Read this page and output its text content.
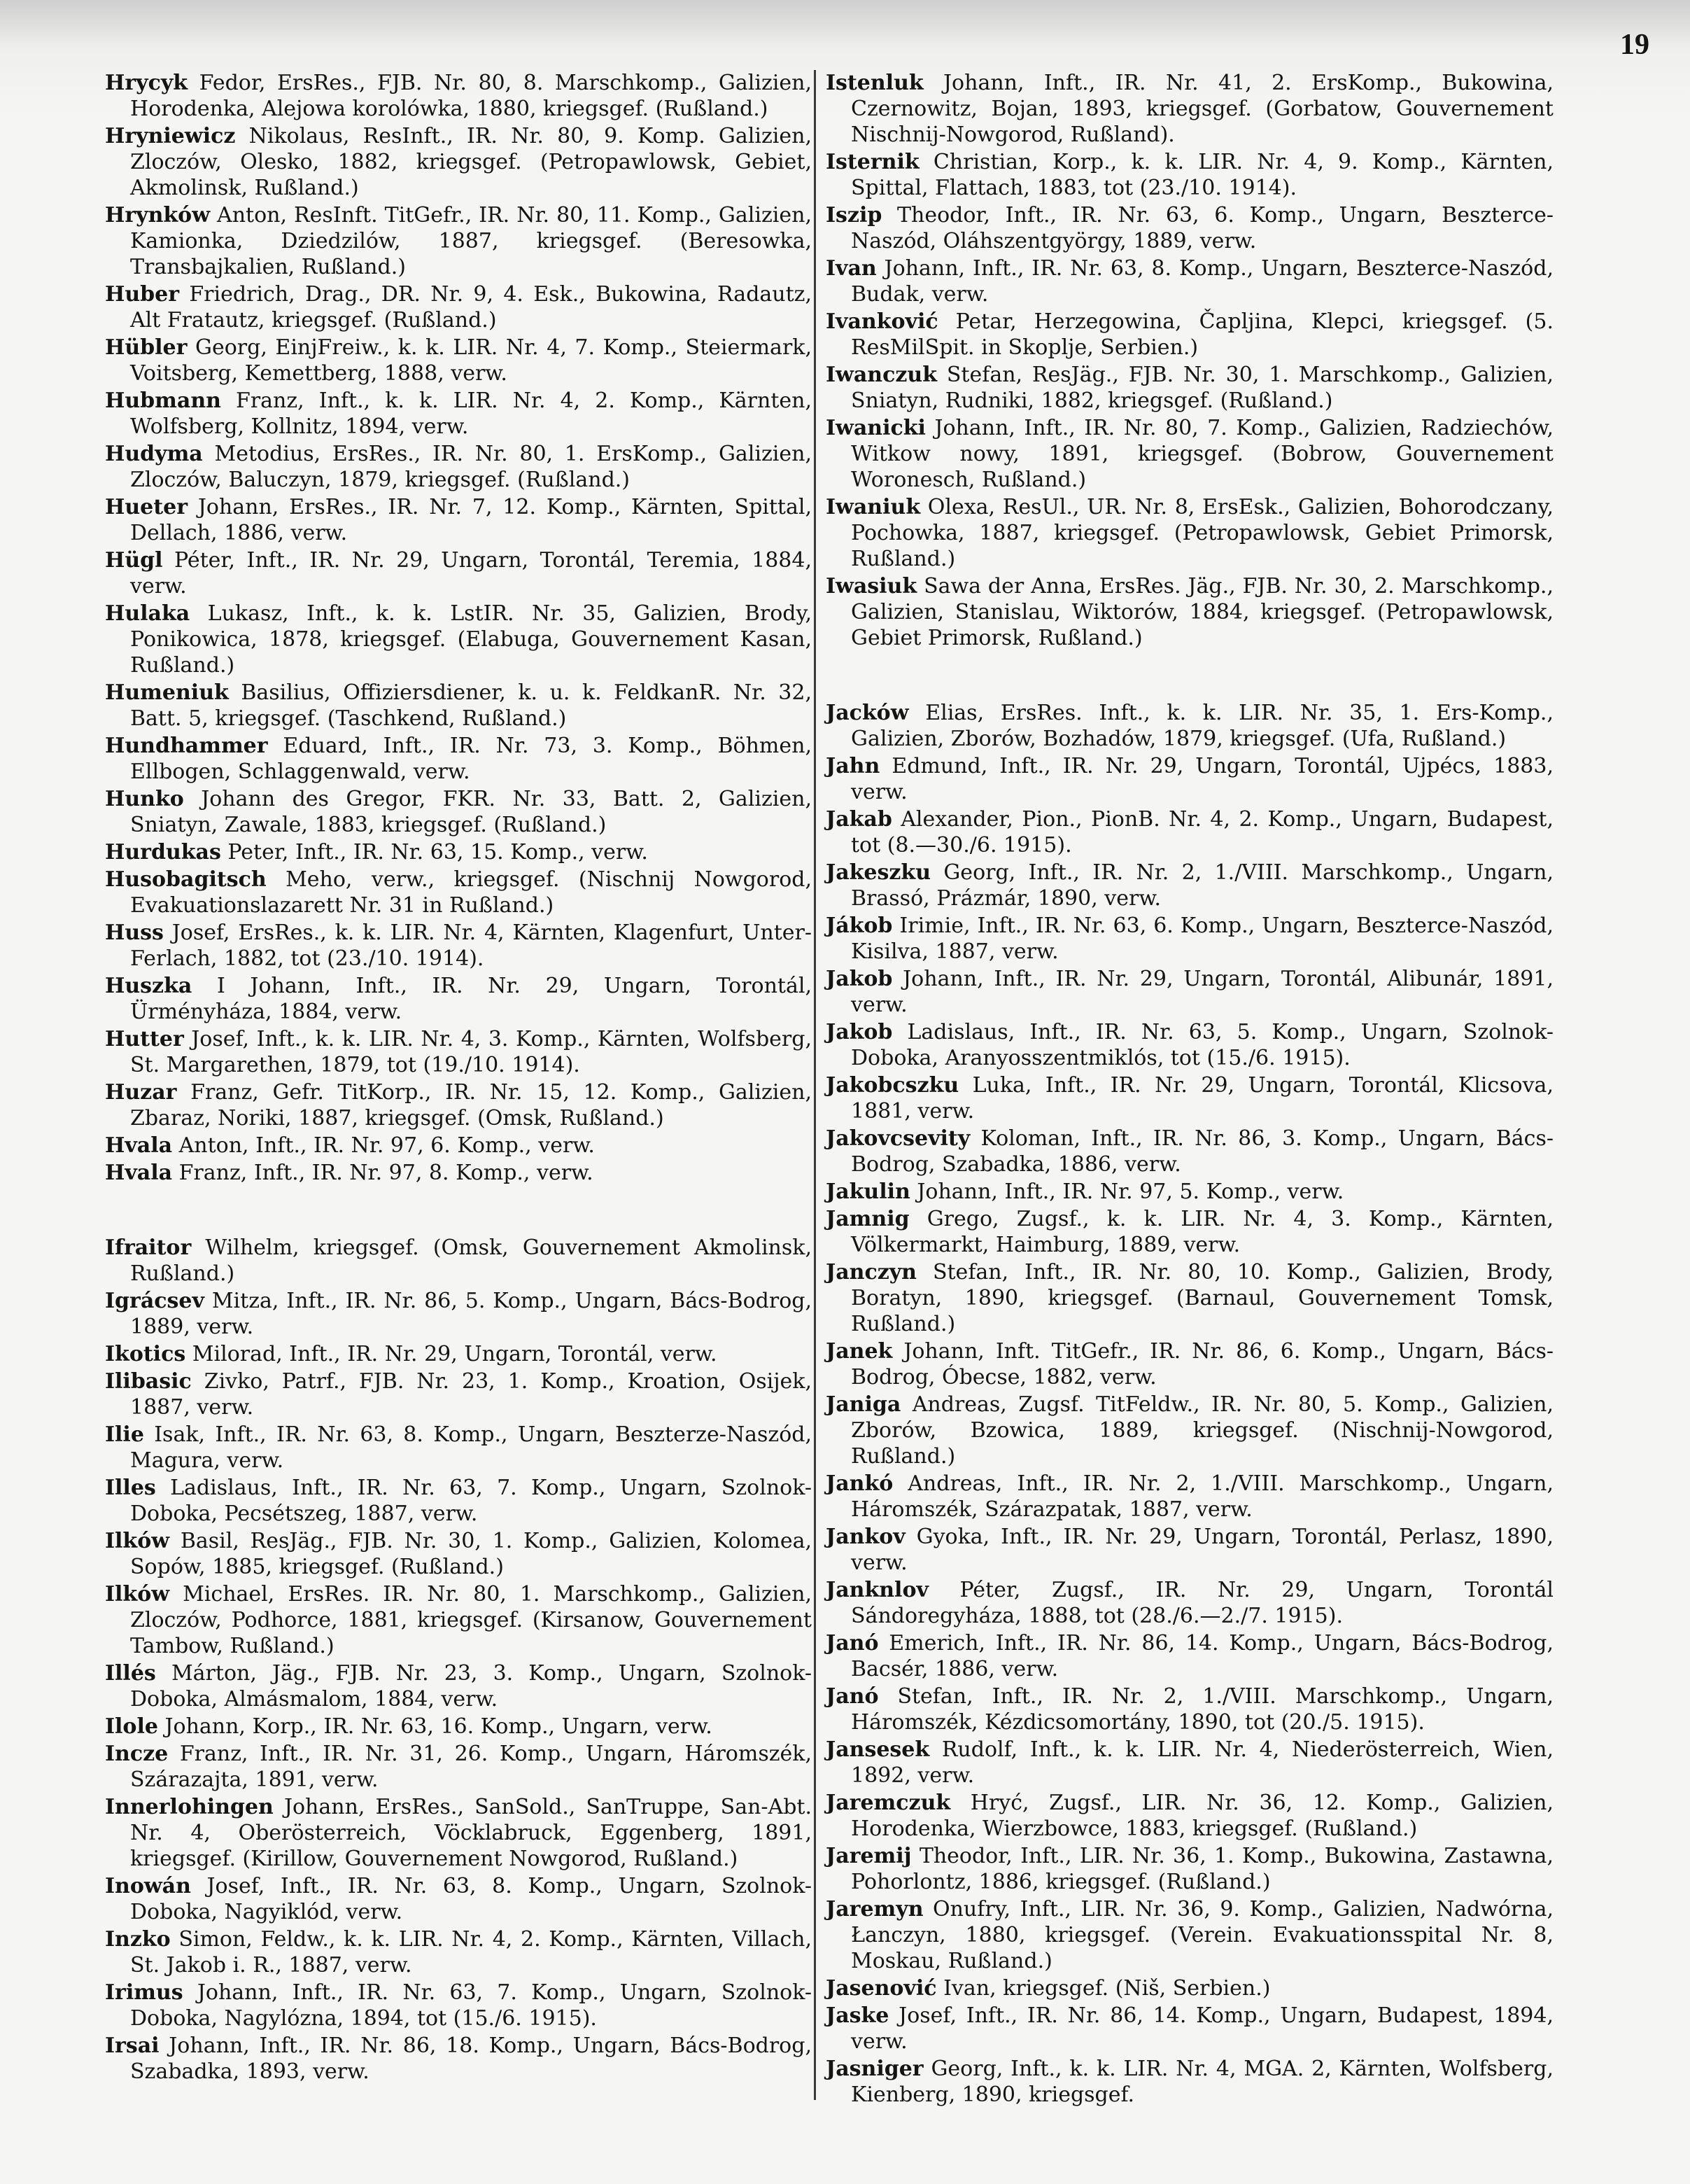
19
Hrycyk Fedor, ErsRes., FJB. Nr. 80, 8. Marschkomp., Galizien, Horodenka, Alejowa korolówka, 1880, kriegsgef. (Rußland.)
Hryniewicz Nikolaus, ResInft., IR. Nr. 80, 9. Komp. Galizien, Zloczów, Olesko, 1882, kriegsgef. (Petropawlowsk, Gebiet, Akmolinsk, Rußland.)
Hrynków Anton, ResInft. TitGefr., IR. Nr. 80, 11. Komp., Galizien, Kamionka, Dziedzilów, 1887, kriegsgef. (Beresowka, Transbajkalien, Rußland.)
Huber Friedrich, Drag., DR. Nr. 9, 4. Esk., Bukowina, Radautz, Alt Fratautz, kriegsgef. (Rußland.)
Hübler Georg, EinjFreiw., k. k. LIR. Nr. 4, 7. Komp., Steiermark, Voitsberg, Kemettberg, 1888, verw.
Hubmann Franz, Inft., k. k. LIR. Nr. 4, 2. Komp., Kärnten, Wolfsberg, Kollnitz, 1894, verw.
Hudyma Metodius, ErsRes., IR. Nr. 80, 1. ErsKomp., Galizien, Zloczów, Baluczyn, 1879, kriegsgef. (Rußland.)
Hueter Johann, ErsRes., IR. Nr. 7, 12. Komp., Kärnten, Spittal, Dellach, 1886, verw.
Hügl Péter, Inft., IR. Nr. 29, Ungarn, Torontál, Teremia, 1884, verw.
Hulaka Lukasz, Inft., k. k. LstIR. Nr. 35, Galizien, Brody, Ponikowica, 1878, kriegsgef. (Elabuga, Gouvernement Kasan, Rußland.)
Humeniuk Basilius, Offiziersdiener, k. u. k. FeldkanR. Nr. 32, Batt. 5, kriegsgef. (Taschkend, Rußland.)
Hundhammer Eduard, Inft., IR. Nr. 73, 3. Komp., Böhmen, Ellbogen, Schlaggenwald, verw.
Hunko Johann des Gregor, FKR. Nr. 33, Batt. 2, Galizien, Sniatyn, Zawale, 1883, kriegsgef. (Rußland.)
Hurdukas Peter, Inft., IR. Nr. 63, 15. Komp., verw.
Husobagitsch Meho, verw., kriegsgef. (Nischnij Nowgorod, Evakuationslazarett Nr. 31 in Rußland.)
Huss Josef, ErsRes., k. k. LIR. Nr. 4, Kärnten, Klagenfurt, Unter-Ferlach, 1882, tot (23./10. 1914).
Huszka I Johann, Inft., IR. Nr. 29, Ungarn, Torontál, Ürményháza, 1884, verw.
Hutter Josef, Inft., k. k. LIR. Nr. 4, 3. Komp., Kärnten, Wolfsberg, St. Margarethen, 1879, tot (19./10. 1914).
Huzar Franz, Gefr. TitKorp., IR. Nr. 15, 12. Komp., Galizien, Zbaraz, Noriki, 1887, kriegsgef. (Omsk, Rußland.)
Hvala Anton, Inft., IR. Nr. 97, 6. Komp., verw.
Hvala Franz, Inft., IR. Nr. 97, 8. Komp., verw.
Ifraitor Wilhelm, kriegsgef. (Omsk, Gouvernement Akmolinsk, Rußland.)
Igrácsev Mitza, Inft., IR. Nr. 86, 5. Komp., Ungarn, Bács-Bodrog, 1889, verw.
Ikotics Milorad, Inft., IR. Nr. 29, Ungarn, Torontál, verw.
Ilibasic Zivko, Patrf., FJB. Nr. 23, 1. Komp., Kroation, Osijek, 1887, verw.
Ilie Isak, Inft., IR. Nr. 63, 8. Komp., Ungarn, Beszterze-Naszód, Magura, verw.
Illes Ladislaus, Inft., IR. Nr. 63, 7. Komp., Ungarn, Szolnok-Doboka, Pecsétszeg, 1887, verw.
Ilków Basil, ResJäg., FJB. Nr. 30, 1. Komp., Galizien, Kolomea, Sopów, 1885, kriegsgef. (Rußland.)
Ilków Michael, ErsRes. IR. Nr. 80, 1. Marschkomp., Galizien, Zloczów, Podhorce, 1881, kriegsgef. (Kirsanow, Gouvernement Tambow, Rußland.)
Illés Márton, Jäg., FJB. Nr. 23, 3. Komp., Ungarn, Szolnok-Doboka, Almásmalom, 1884, verw.
Ilole Johann, Korp., IR. Nr. 63, 16. Komp., Ungarn, verw.
Incze Franz, Inft., IR. Nr. 31, 26. Komp., Ungarn, Háromszék, Szárazajta, 1891, verw.
Innerlohingen Johann, ErsRes., SanSold., SanTruppe, San-Abt. Nr. 4, Oberösterreich, Vöcklabruck, Eggenberg, 1891, kriegsgef. (Kirillow, Gouvernement Nowgorod, Rußland.)
Inowán Josef, Inft., IR. Nr. 63, 8. Komp., Ungarn, Szolnok-Doboka, Nagyiklód, verw.
Inzko Simon, Feldw., k. k. LIR. Nr. 4, 2. Komp., Kärnten, Villach, St. Jakob i. R., 1887, verw.
Irimus Johann, Inft., IR. Nr. 63, 7. Komp., Ungarn, Szolnok-Doboka, Nagylózna, 1894, tot (15./6. 1915).
Irsai Johann, Inft., IR. Nr. 86, 18. Komp., Ungarn, Bács-Bodrog, Szabadka, 1893, verw.
Istenluk Johann, Inft., IR. Nr. 41, 2. ErsKomp., Bukowina, Czernowitz, Bojan, 1893, kriegsgef. (Gorbatow, Gouvernement Nischnij-Nowgorod, Rußland).
Isternik Christian, Korp., k. k. LIR. Nr. 4, 9. Komp., Kärnten, Spittal, Flattach, 1883, tot (23./10. 1914).
Iszip Theodor, Inft., IR. Nr. 63, 6. Komp., Ungarn, Beszterce-Naszód, Oláhszentgyörgy, 1889, verw.
Ivan Johann, Inft., IR. Nr. 63, 8. Komp., Ungarn, Beszterce-Naszód, Budak, verw.
Ivanković Petar, Herzegowina, Čapljina, Klepci, kriegsgef. (5. ResMilSpit. in Skoplje, Serbien.)
Iwanczuk Stefan, ResJäg., FJB. Nr. 30, 1. Marschkomp., Galizien, Sniatyn, Rudniki, 1882, kriegsgef. (Rußland.)
Iwanicki Johann, Inft., IR. Nr. 80, 7. Komp., Galizien, Radziechów, Witkow nowy, 1891, kriegsgef. (Bobrow, Gouvernement Woronesch, Rußland.)
Iwaniuk Olexa, ResUl., UR. Nr. 8, ErsEsk., Galizien, Bohorodczany, Pochowka, 1887, kriegsgef. (Petropawlowsk, Gebiet Primorsk, Rußland.)
Iwasiuk Sawa der Anna, ErsRes. Jäg., FJB. Nr. 30, 2. Marschkomp., Galizien, Stanislau, Wiktorów, 1884, kriegsgef. (Petropawlowsk, Gebiet Primorsk, Rußland.)
Jacków Elias, ErsRes. Inft., k. k. LIR. Nr. 35, 1. Ers-Komp., Galizien, Zborów, Bozhadów, 1879, kriegsgef. (Ufa, Rußland.)
Jahn Edmund, Inft., IR. Nr. 29, Ungarn, Torontál, Ujpécs, 1883, verw.
Jakab Alexander, Pion., PionB. Nr. 4, 2. Komp., Ungarn, Budapest, tot (8.—30./6. 1915).
Jakeszku Georg, Inft., IR. Nr. 2, 1./VIII. Marschkomp., Ungarn, Brassó, Prázmár, 1890, verw.
Jákob Irimie, Inft., IR. Nr. 63, 6. Komp., Ungarn, Beszterce-Naszód, Kisilva, 1887, verw.
Jakob Johann, Inft., IR. Nr. 29, Ungarn, Torontál, Alibunár, 1891, verw.
Jakob Ladislaus, Inft., IR. Nr. 63, 5. Komp., Ungarn, Szolnok-Doboka, Aranyosszentmiklós, tot (15./6. 1915).
Jakobcszku Luka, Inft., IR. Nr. 29, Ungarn, Torontál, Klicsova, 1881, verw.
Jakovcsevity Koloman, Inft., IR. Nr. 86, 3. Komp., Ungarn, Bács-Bodrog, Szabadka, 1886, verw.
Jakulin Johann, Inft., IR. Nr. 97, 5. Komp., verw.
Jamnig Grego, Zugsf., k. k. LIR. Nr. 4, 3. Komp., Kärnten, Völkermarkt, Haimburg, 1889, verw.
Janczyn Stefan, Inft., IR. Nr. 80, 10. Komp., Galizien, Brody, Boratyn, 1890, kriegsgef. (Barnaul, Gouvernement Tomsk, Rußland.)
Janek Johann, Inft. TitGefr., IR. Nr. 86, 6. Komp., Ungarn, Bács-Bodrog, Óbecse, 1882, verw.
Janiga Andreas, Zugsf. TitFeldw., IR. Nr. 80, 5. Komp., Galizien, Zborów, Bzowica, 1889, kriegsgef. (Nischnij-Nowgorod, Rußland.)
Jankó Andreas, Inft., IR. Nr. 2, 1./VIII. Marschkomp., Ungarn, Háromszék, Szárazpatak, 1887, verw.
Jankov Gyoka, Inft., IR. Nr. 29, Ungarn, Torontál, Perlasz, 1890, verw.
Janknlov Péter, Zugsf., IR. Nr. 29, Ungarn, Torontál Sándoregyháza, 1888, tot (28./6.—2./7. 1915).
Janó Emerich, Inft., IR. Nr. 86, 14. Komp., Ungarn, Bács-Bodrog, Bacsér, 1886, verw.
Janó Stefan, Inft., IR. Nr. 2, 1./VIII. Marschkomp., Ungarn, Háromszék, Kézdicsomortány, 1890, tot (20./5. 1915).
Jansesek Rudolf, Inft., k. k. LIR. Nr. 4, Niederösterreich, Wien, 1892, verw.
Jaremczuk Hryć, Zugsf., LIR. Nr. 36, 12. Komp., Galizien, Horodenka, Wierzbowce, 1883, kriegsgef. (Rußland.)
Jaremij Theodor, Inft., LIR. Nr. 36, 1. Komp., Bukowina, Zastawna, Pohorlontz, 1886, kriegsgef. (Rußland.)
Jaremyn Onufry, Inft., LIR. Nr. 36, 9. Komp., Galizien, Nadwórna, Łanczyn, 1880, kriegsgef. (Verein. Evakuationsspital Nr. 8, Moskau, Rußland.)
Jasenović Ivan, kriegsgef. (Niš, Serbien.)
Jaske Josef, Inft., IR. Nr. 86, 14. Komp., Ungarn, Budapest, 1894, verw.
Jasniger Georg, Inft., k. k. LIR. Nr. 4, MGA. 2, Kärnten, Wolfsberg, Kienberg, 1890, kriegsgef.
